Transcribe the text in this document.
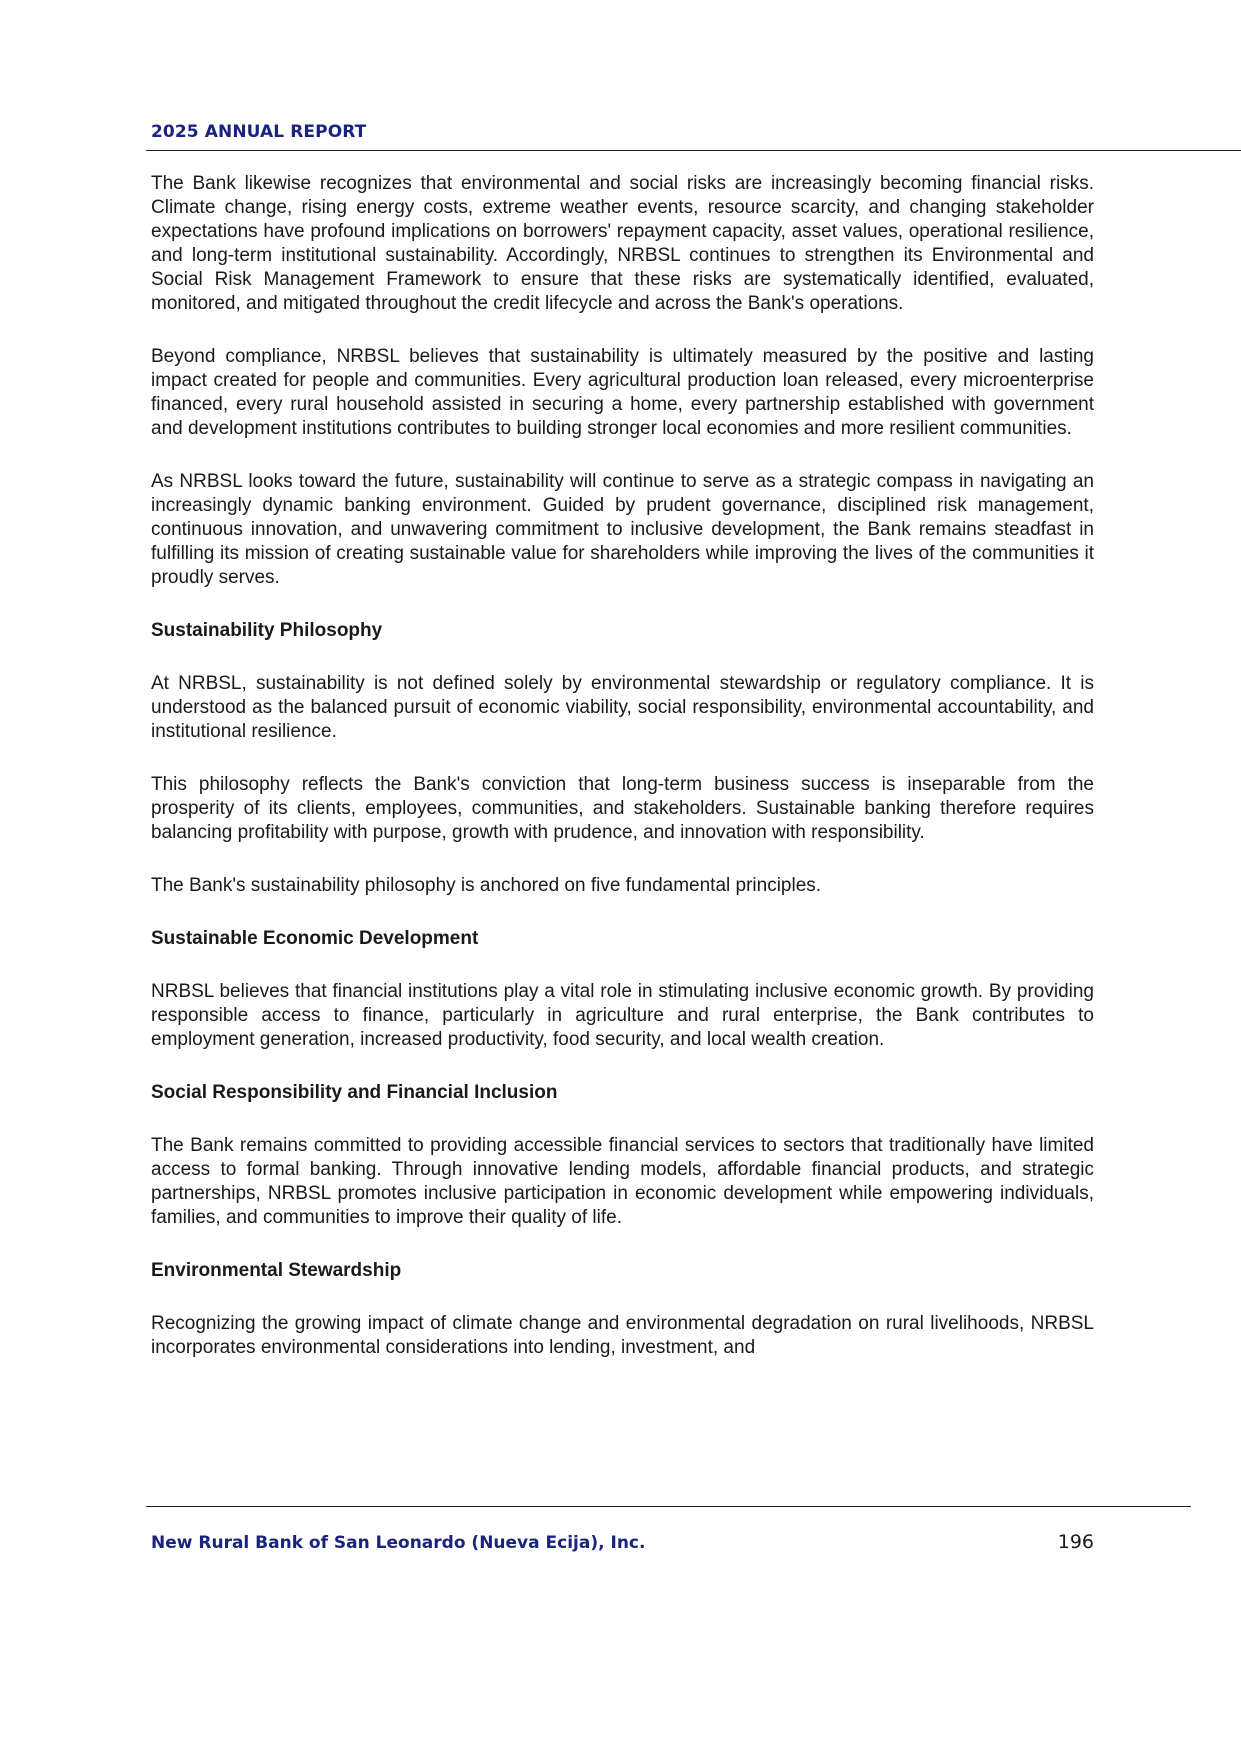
2025 ANNUAL REPORT

The Bank likewise recognizes that environmental and social risks are increasingly becoming financial risks. Climate change, rising energy costs, extreme weather events, resource scarcity, and changing stakeholder expectations have profound implications on borrowers' repayment capacity, asset values, operational resilience, and long-term institutional sustainability. Accordingly, NRBSL continues to strengthen its Environmental and Social Risk Management Framework to ensure that these risks are systematically identified, evaluated, monitored, and mitigated throughout the credit lifecycle and across the Bank's operations.

Beyond compliance, NRBSL believes that sustainability is ultimately measured by the positive and lasting impact created for people and communities. Every agricultural production loan released, every microenterprise financed, every rural household assisted in securing a home, every partnership established with government and development institutions contributes to building stronger local economies and more resilient communities.

As NRBSL looks toward the future, sustainability will continue to serve as a strategic compass in navigating an increasingly dynamic banking environment. Guided by prudent governance, disciplined risk management, continuous innovation, and unwavering commitment to inclusive development, the Bank remains steadfast in fulfilling its mission of creating sustainable value for shareholders while improving the lives of the communities it proudly serves.

Sustainability Philosophy

At NRBSL, sustainability is not defined solely by environmental stewardship or regulatory compliance. It is understood as the balanced pursuit of economic viability, social responsibility, environmental accountability, and institutional resilience.

This philosophy reflects the Bank's conviction that long-term business success is inseparable from the prosperity of its clients, employees, communities, and stakeholders. Sustainable banking therefore requires balancing profitability with purpose, growth with prudence, and innovation with responsibility.

The Bank's sustainability philosophy is anchored on five fundamental principles.

Sustainable Economic Development

NRBSL believes that financial institutions play a vital role in stimulating inclusive economic growth. By providing responsible access to finance, particularly in agriculture and rural enterprise, the Bank contributes to employment generation, increased productivity, food security, and local wealth creation.

Social Responsibility and Financial Inclusion

The Bank remains committed to providing accessible financial services to sectors that traditionally have limited access to formal banking. Through innovative lending models, affordable financial products, and strategic partnerships, NRBSL promotes inclusive participation in economic development while empowering individuals, families, and communities to improve their quality of life.

Environmental Stewardship

Recognizing the growing impact of climate change and environmental degradation on rural livelihoods, NRBSL incorporates environmental considerations into lending, investment, and

New Rural Bank of San Leonardo (Nueva Ecija), Inc.	196
